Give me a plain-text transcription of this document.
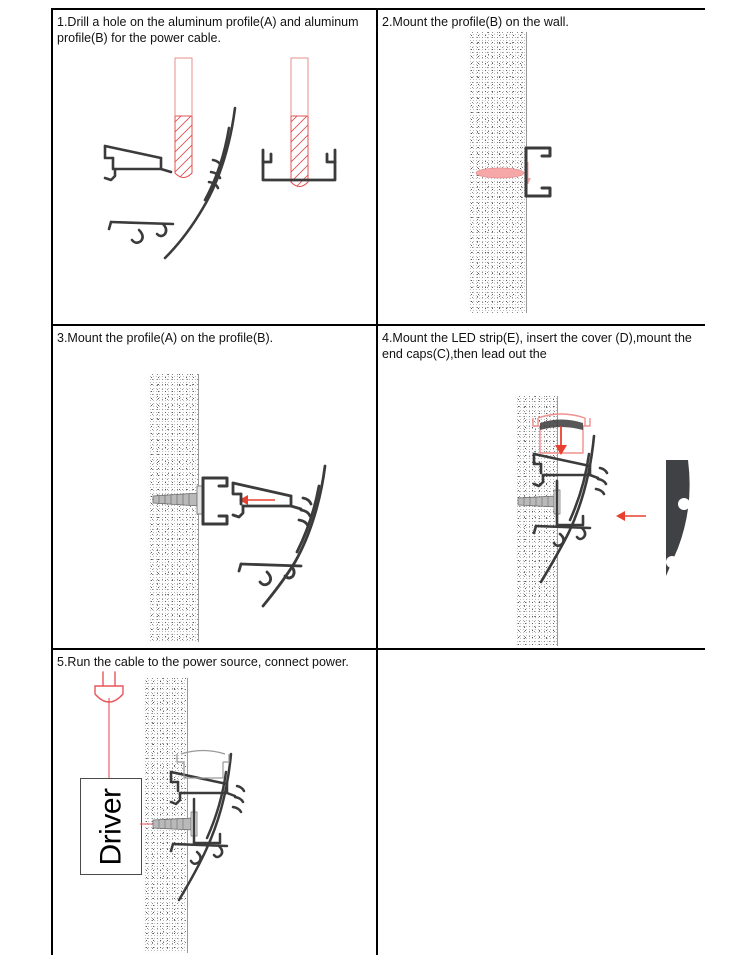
1.Drill a hole on the aluminum profile(A) and aluminum profile(B) for the power cable.
2.Mount the profile(B) on the wall.
3.Mount the profile(A) on the profile(B).	4.Mount the LED strip(E), insert the cover (D),mount the end caps(C),then lead out the
5.Run the cable to the power source, connect power.
Driver
